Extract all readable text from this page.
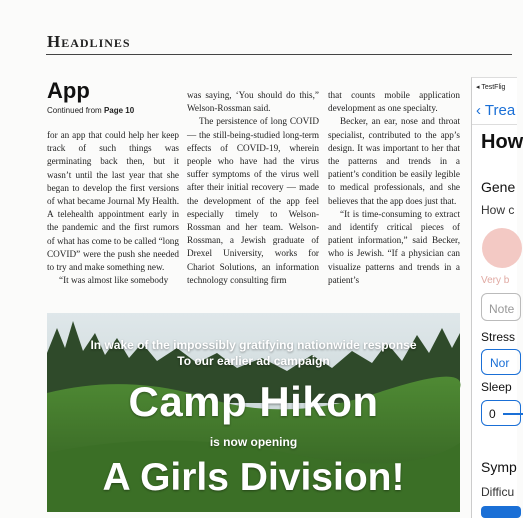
Headlines
App
Continued from Page 10

for an app that could help her keep track of such things was germinating back then, but it wasn’t until the last year that she began to develop the first versions of what became Journal My Health. A telehealth appointment early in the pandemic and the first rumors of what has come to be called “long COVID” were the push she needed to try and make something new.

“It was almost like somebody

was saying, ‘You should do this,” Welson-Rossman said.

The persistence of long COVID — the still-being-studied long-term effects of COVID-19, wherein people who have had the virus suffer symptoms of the virus well after their initial recovery — made the development of the app feel especially timely to Welson-Rossman and her team. Welson-Rossman, a Jewish graduate of Drexel University, works for Chariot Solutions, an information technology consulting firm

that counts mobile application development as one specialty.

Becker, an ear, nose and throat specialist, contributed to the app’s design. It was important to her that the patterns and trends in a patient’s condition be easily legible to medical professionals, and she believes that the app does just that.

“It is time-consuming to extract and identify critical pieces of patient information,” said Becker, who is Jewish. “If a physician can visualize patterns and trends in a patient’s

In wake of the impossibly gratifying nationwide response
To our earlier ad campaign
Camp Hikon
is now opening
A Girls Division!
◂ TestFlig
‹ Trea
How
Gene
How c
Very b
Note
Stress
Nor
Sleep
0
Symp
Difficu
